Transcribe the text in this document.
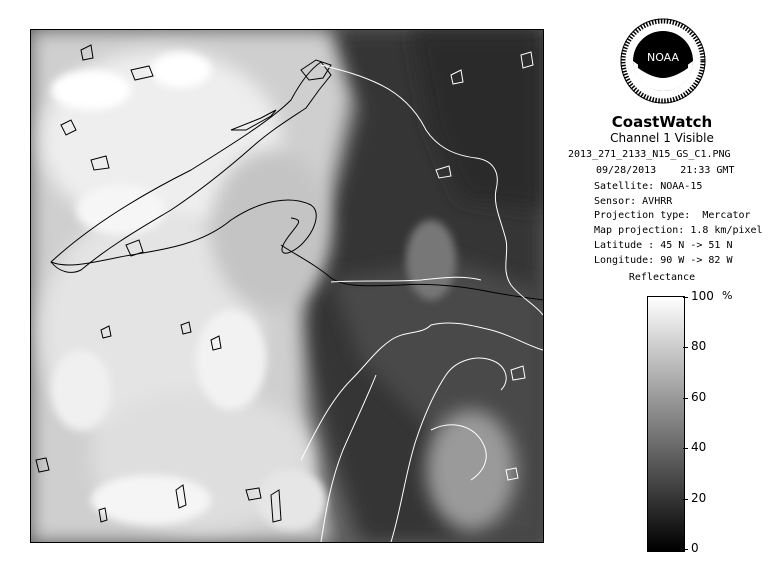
NOAA
CoastWatch
Channel 1 Visible
2013_271_2133_N15_GS_C1.PNG
09/28/2013    21:33 GMT
Satellite: NOAA-15
Sensor: AVHRR
Projection type:  Mercator
Map projection: 1.8 km/pixel
Latitude : 45 N -> 51 N
Longitude: 90 W -> 82 W
Reflectance
%
100
80
60
40
20
0
